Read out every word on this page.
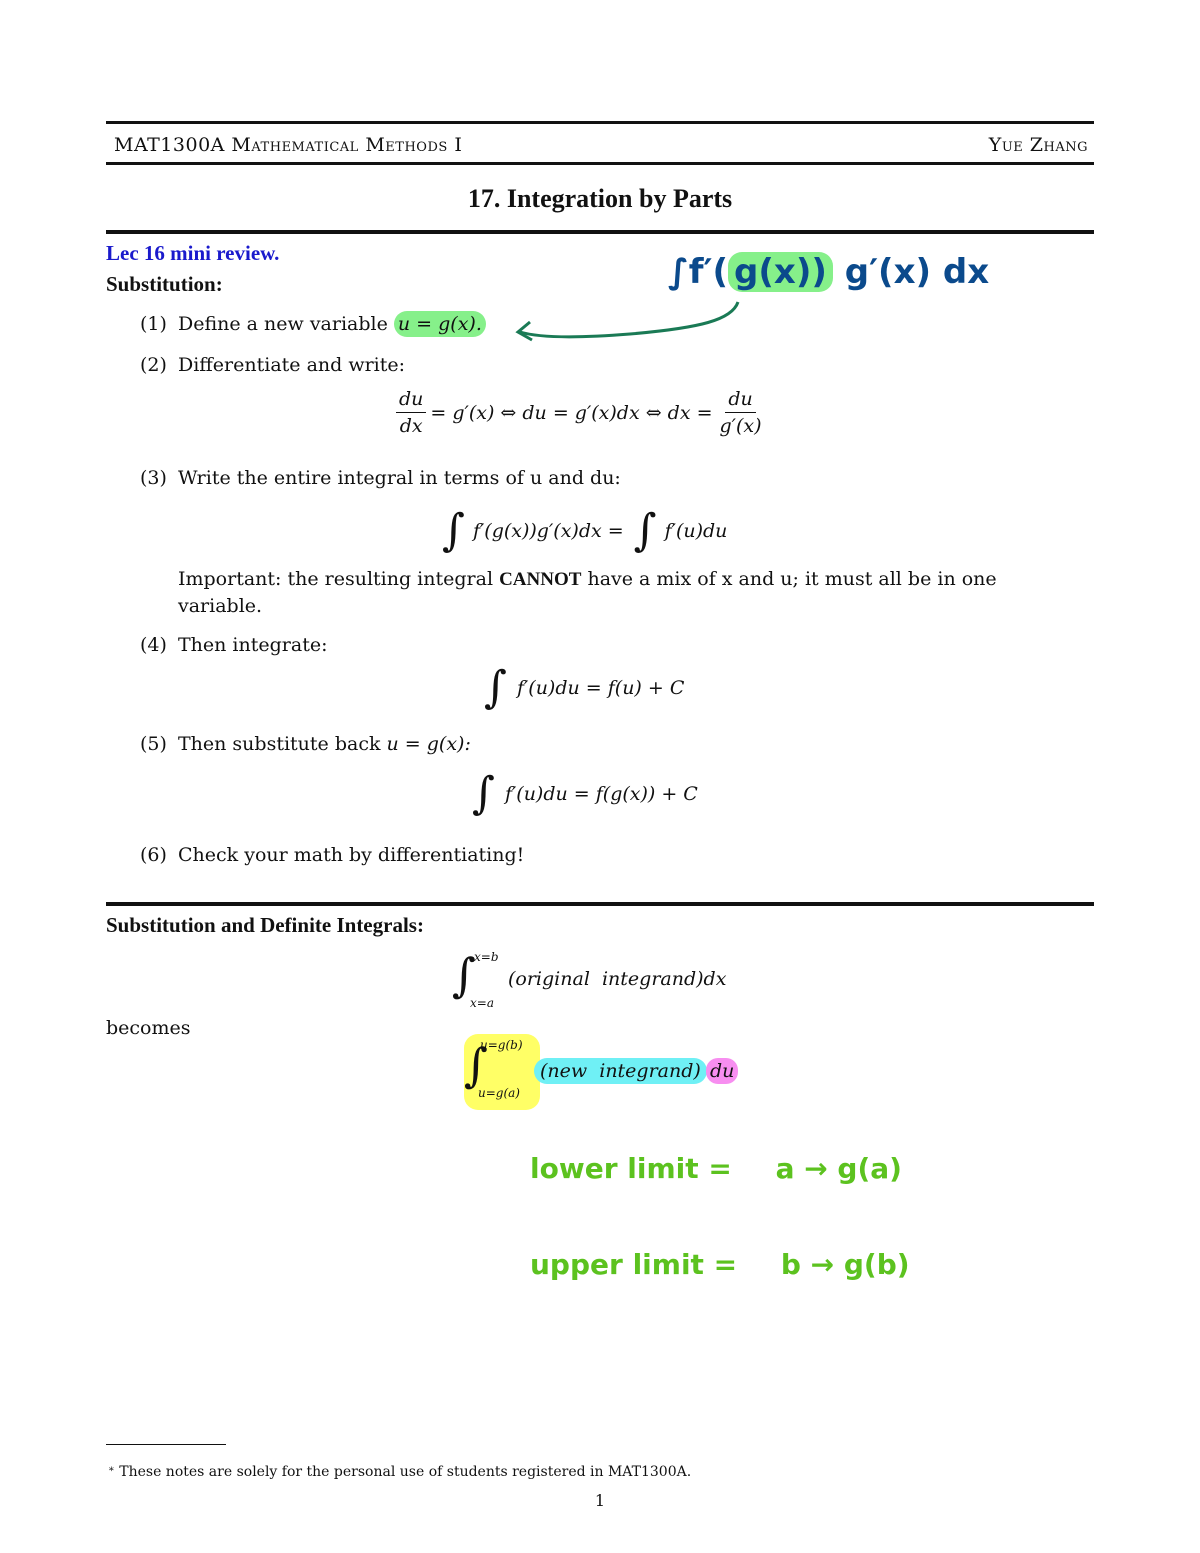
MAT1300A Mathematical Methods I	Yue Zhang
17. Integration by Parts
Lec 16 mini review.
Substitution:	∫f′( g(x)) g′(x) dx
(1) Define a new variable u = g(x).
(2) Differentiate and write:
$\frac{du}{dx} = g'(x)$ ⇔ du = g′(x)dx ⇔ dx = $\frac{du}{g'(x)}$
(3) Write the entire integral in terms of u and du:
∫ f′(g(x))g′(x)dx = ∫ f′(u)du
Important: the resulting integral CANNOT have a mix of x and u; it must all be in one
variable.
(4) Then integrate:
∫ f′(u)du = f(u) + C
(5) Then substitute back u = g(x):
∫ f′(u)du = f(g(x)) + C
(6) Check your math by differentiating!
Substitution and Definite Integrals:
∫
x=b
x=a
(original  integrand)dx
becomes
∫
u=g(b)
u=g(a)
(new  integrand) du
lower limit = a → g(a)
upper limit = b → g(b)
∗ These notes are solely for the personal use of students registered in MAT1300A.
1
